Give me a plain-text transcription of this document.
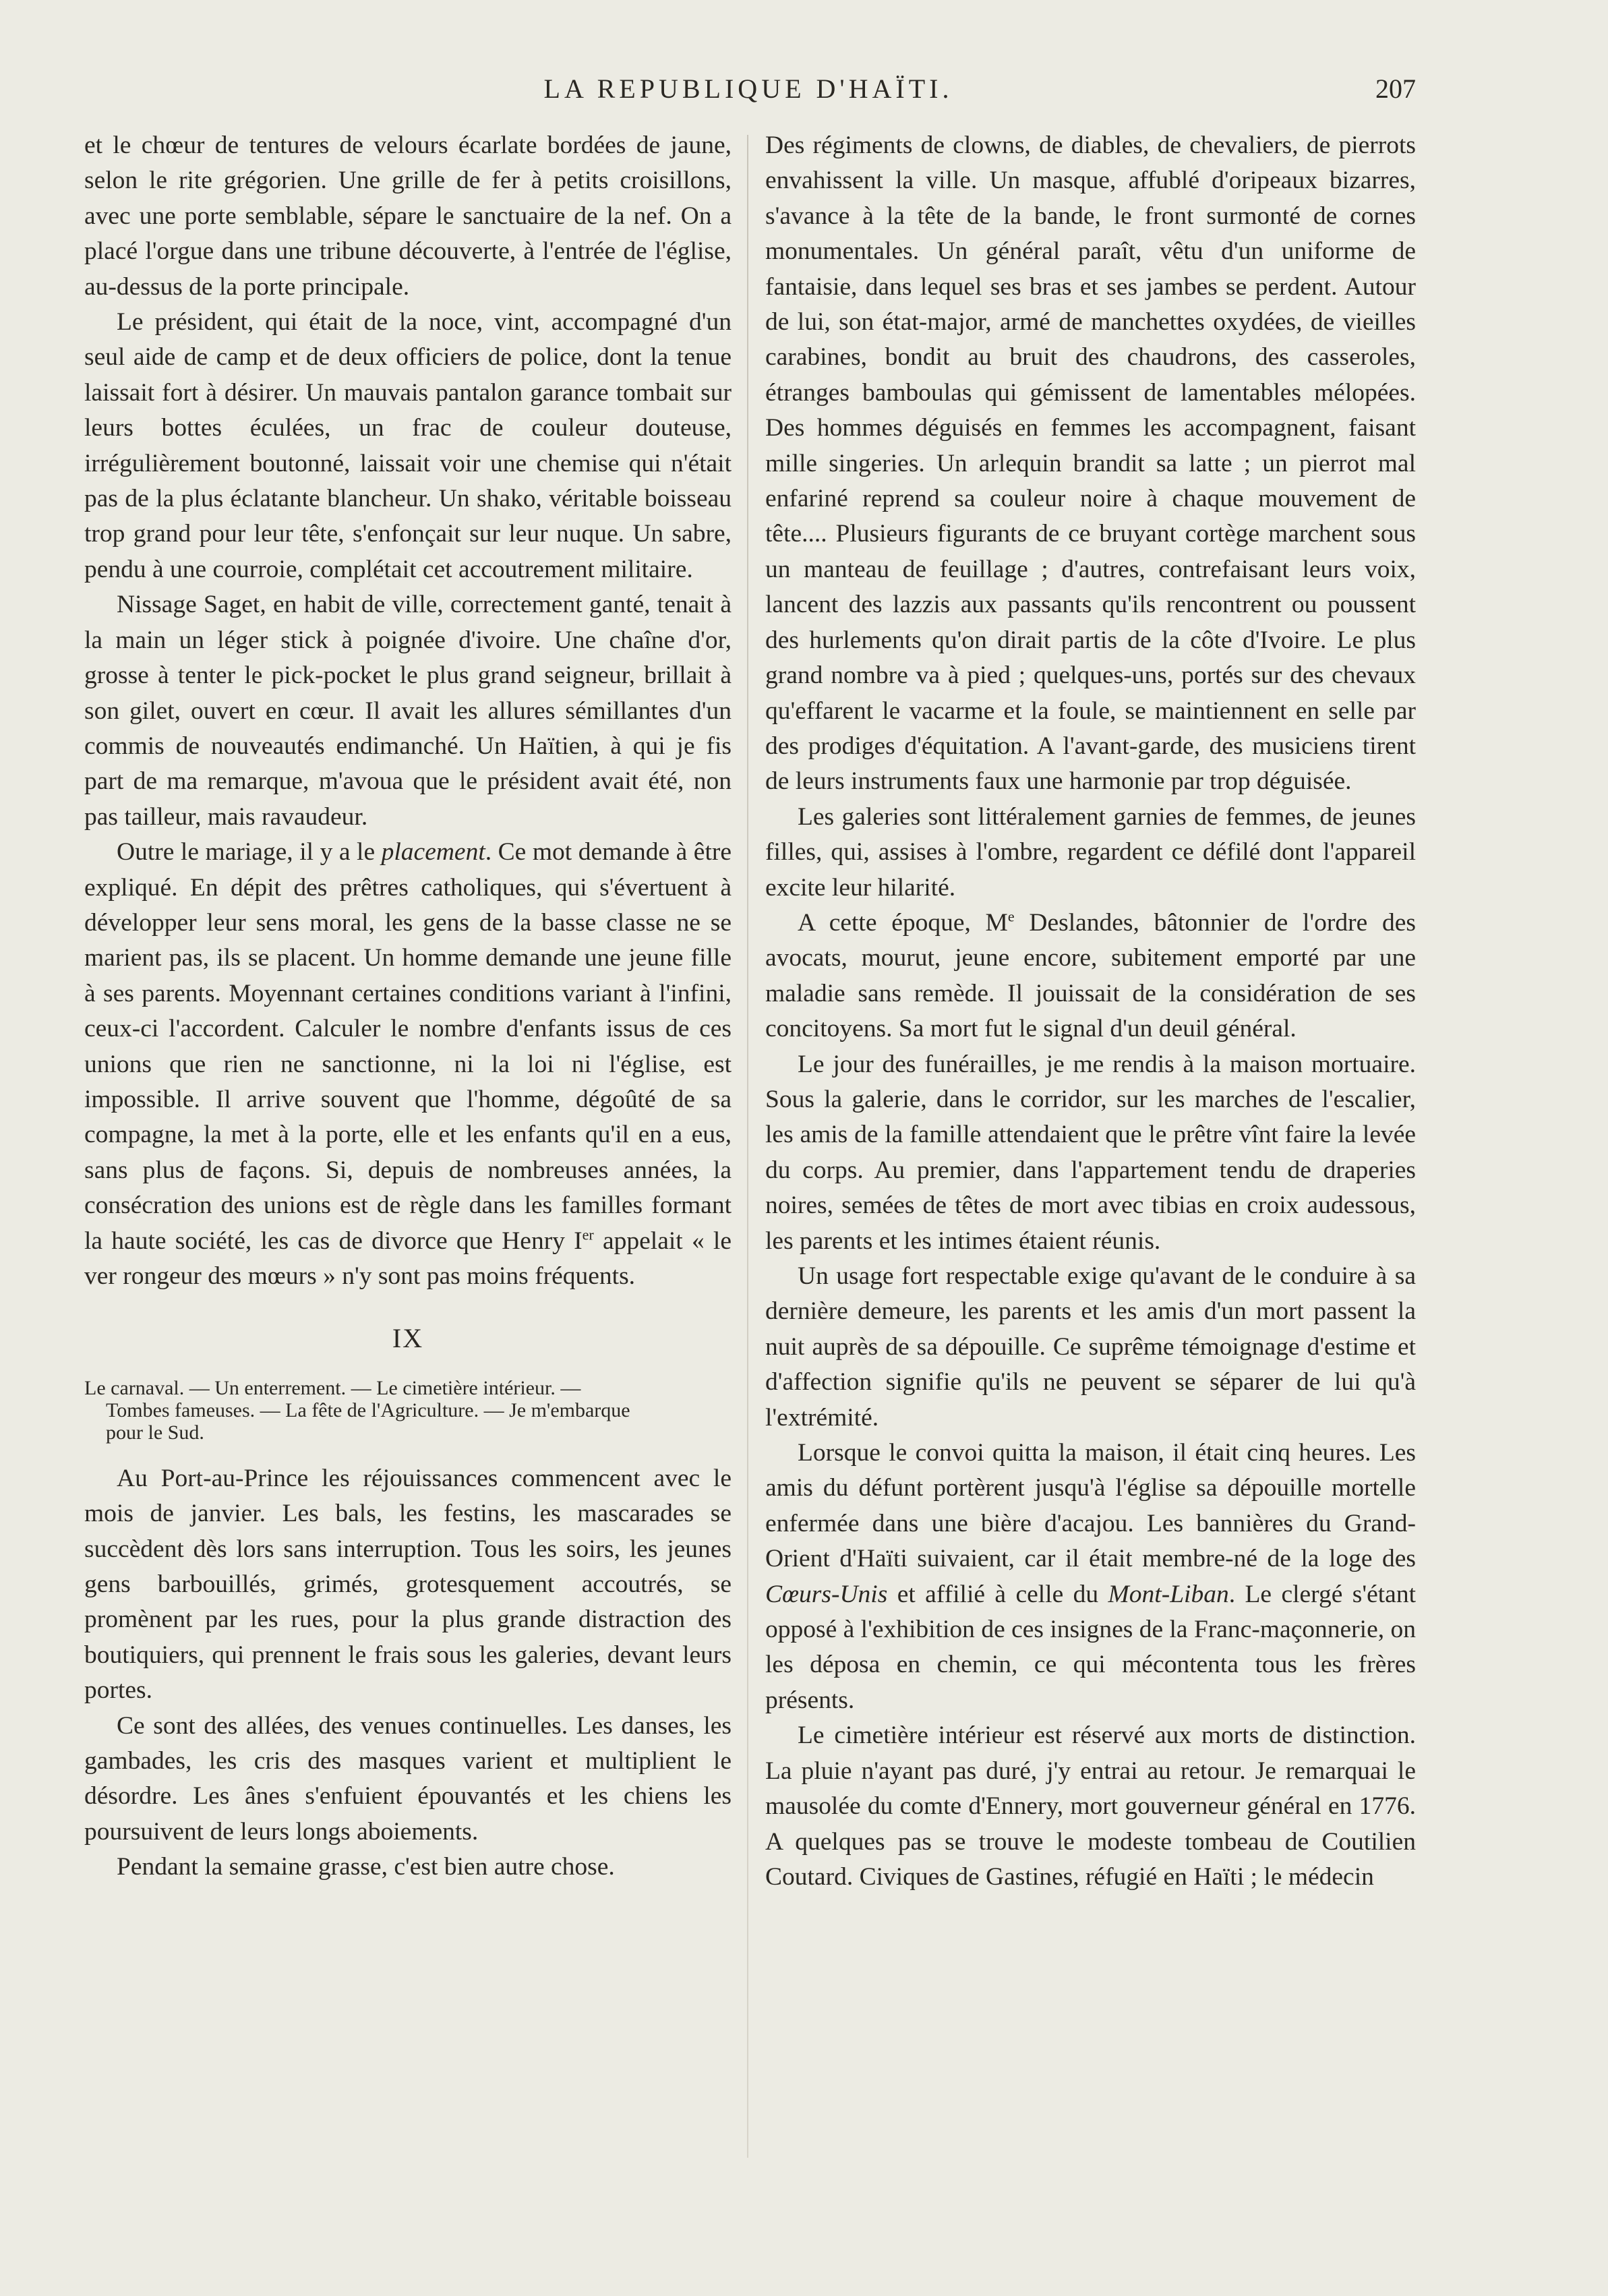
LA REPUBLIQUE D'HAÏTI.	207

et le chœur de tentures de velours écarlate bordées de jaune, selon le rite grégorien. Une grille de fer à petits croisillons, avec une porte semblable, sépare le sanctuaire de la nef. On a placé l'orgue dans une tribune découverte, à l'entrée de l'église, au-dessus de la porte principale.

Le président, qui était de la noce, vint, accompagné d'un seul aide de camp et de deux officiers de police, dont la tenue laissait fort à désirer. Un mauvais pantalon garance tombait sur leurs bottes éculées, un frac de couleur douteuse, irrégulièrement boutonné, laissait voir une chemise qui n'était pas de la plus éclatante blancheur. Un shako, véritable boisseau trop grand pour leur tête, s'enfonçait sur leur nuque. Un sabre, pendu à une courroie, complétait cet accoutrement militaire.

Nissage Saget, en habit de ville, correctement ganté, tenait à la main un léger stick à poignée d'ivoire. Une chaîne d'or, grosse à tenter le pick-pocket le plus grand seigneur, brillait à son gilet, ouvert en cœur. Il avait les allures sémillantes d'un commis de nouveautés endimanché. Un Haïtien, à qui je fis part de ma remarque, m'avoua que le président avait été, non pas tailleur, mais ravaudeur.

Outre le mariage, il y a le placement. Ce mot demande à être expliqué. En dépit des prêtres catholiques, qui s'évertuent à développer leur sens moral, les gens de la basse classe ne se marient pas, ils se placent. Un homme demande une jeune fille à ses parents. Moyennant certaines conditions variant à l'infini, ceux-ci l'accordent. Calculer le nombre d'enfants issus de ces unions que rien ne sanctionne, ni la loi ni l'église, est impossible. Il arrive souvent que l'homme, dégoûté de sa compagne, la met à la porte, elle et les enfants qu'il en a eus, sans plus de façons. Si, depuis de nombreuses années, la consécration des unions est de règle dans les familles formant la haute société, les cas de divorce que Henry Ier appelait « le ver rongeur des mœurs » n'y sont pas moins fréquents.

IX
Le carnaval. — Un enterrement. — Le cimetière intérieur. —
Tombes fameuses. — La fête de l'Agriculture. — Je m'embarque
pour le Sud.

Au Port-au-Prince les réjouissances commencent avec le mois de janvier. Les bals, les festins, les mascarades se succèdent dès lors sans interruption. Tous les soirs, les jeunes gens barbouillés, grimés, grotesquement accoutrés, se promènent par les rues, pour la plus grande distraction des boutiquiers, qui prennent le frais sous les galeries, devant leurs portes.

Ce sont des allées, des venues continuelles. Les danses, les gambades, les cris des masques varient et multiplient le désordre. Les ânes s'enfuient épouvantés et les chiens les poursuivent de leurs longs aboiements.

Pendant la semaine grasse, c'est bien autre chose.

Des régiments de clowns, de diables, de chevaliers, de pierrots envahissent la ville. Un masque, affublé d'oripeaux bizarres, s'avance à la tête de la bande, le front surmonté de cornes monumentales. Un général paraît, vêtu d'un uniforme de fantaisie, dans lequel ses bras et ses jambes se perdent. Autour de lui, son état-major, armé de manchettes oxydées, de vieilles carabines, bondit au bruit des chaudrons, des casseroles, étranges bamboulas qui gémissent de lamentables mélopées. Des hommes déguisés en femmes les accompagnent, faisant mille singeries. Un arlequin brandit sa latte ; un pierrot mal enfariné reprend sa couleur noire à chaque mouvement de tête.... Plusieurs figurants de ce bruyant cortège marchent sous un manteau de feuillage ; d'autres, contrefaisant leurs voix, lancent des lazzis aux passants qu'ils rencontrent ou poussent des hurlements qu'on dirait partis de la côte d'Ivoire. Le plus grand nombre va à pied ; quelques-uns, portés sur des chevaux qu'effarent le vacarme et la foule, se maintiennent en selle par des prodiges d'équitation. A l'avant-garde, des musiciens tirent de leurs instruments faux une harmonie par trop déguisée.

Les galeries sont littéralement garnies de femmes, de jeunes filles, qui, assises à l'ombre, regardent ce défilé dont l'appareil excite leur hilarité.

A cette époque, Me Deslandes, bâtonnier de l'ordre des avocats, mourut, jeune encore, subitement emporté par une maladie sans remède. Il jouissait de la considération de ses concitoyens. Sa mort fut le signal d'un deuil général.

Le jour des funérailles, je me rendis à la maison mortuaire. Sous la galerie, dans le corridor, sur les marches de l'escalier, les amis de la famille attendaient que le prêtre vînt faire la levée du corps. Au premier, dans l'appartement tendu de draperies noires, semées de têtes de mort avec tibias en croix audessous, les parents et les intimes étaient réunis.

Un usage fort respectable exige qu'avant de le conduire à sa dernière demeure, les parents et les amis d'un mort passent la nuit auprès de sa dépouille. Ce suprême témoignage d'estime et d'affection signifie qu'ils ne peuvent se séparer de lui qu'à l'extrémité.

Lorsque le convoi quitta la maison, il était cinq heures. Les amis du défunt portèrent jusqu'à l'église sa dépouille mortelle enfermée dans une bière d'acajou. Les bannières du Grand-Orient d'Haïti suivaient, car il était membre-né de la loge des Cœurs-Unis et affilié à celle du Mont-Liban. Le clergé s'étant opposé à l'exhibition de ces insignes de la Franc-maçonnerie, on les déposa en chemin, ce qui mécontenta tous les frères présents.

Le cimetière intérieur est réservé aux morts de distinction. La pluie n'ayant pas duré, j'y entrai au retour. Je remarquai le mausolée du comte d'Ennery, mort gouverneur général en 1776. A quelques pas se trouve le modeste tombeau de Coutilien Coutard. Civiques de Gastines, réfugié en Haïti ; le médecin
